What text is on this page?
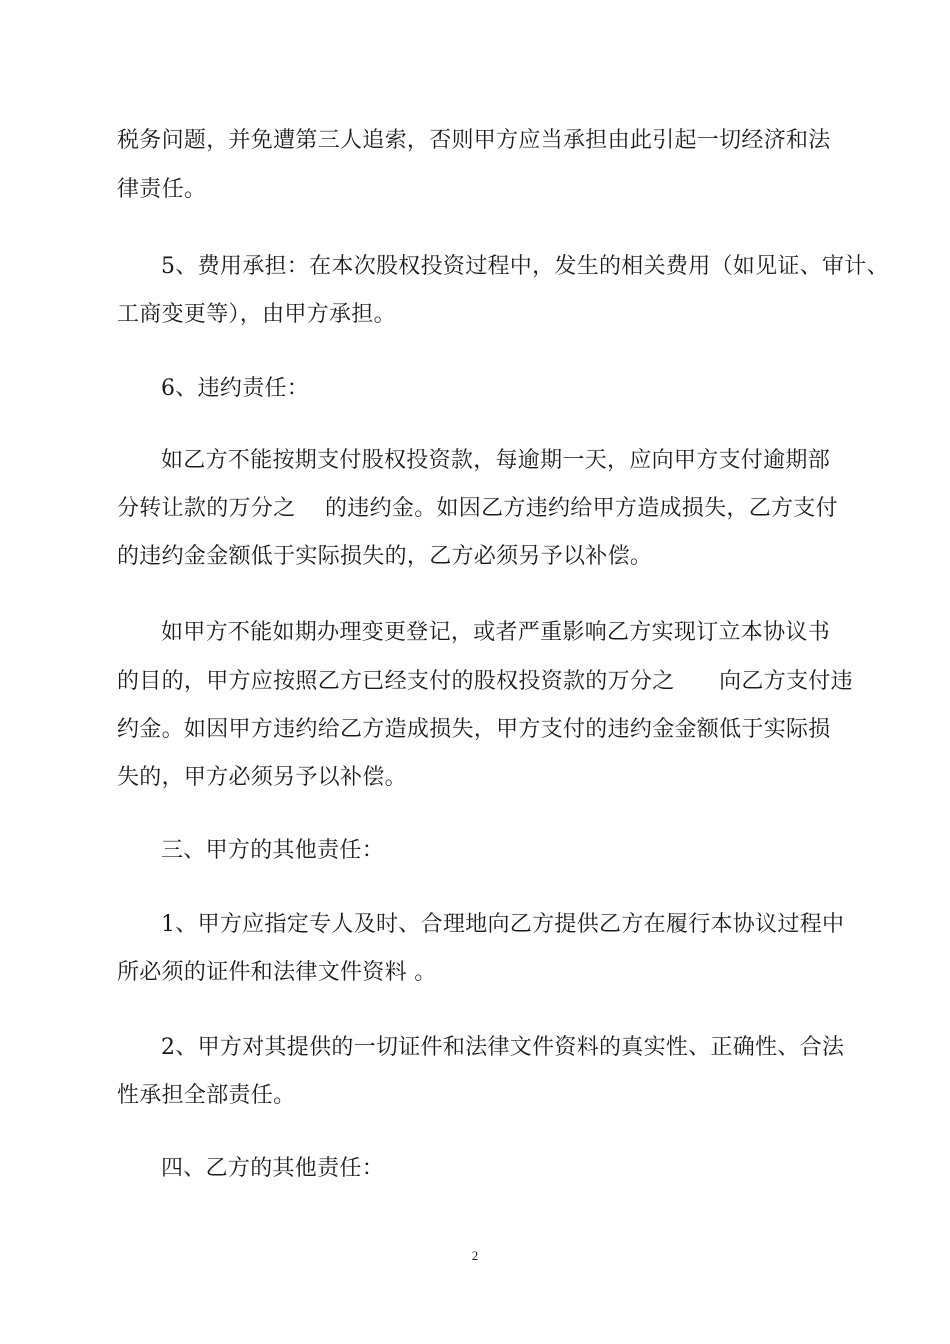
税务问题，并免遭第三人追索，否则甲方应当承担由此引起一切经济和法
律责任。
5、费用承担：在本次股权投资过程中，发生的相关费用（如见证、审计、
工商变更等），由甲方承担。
6、违约责任：
如乙方不能按期支付股权投资款，每逾期一天，应向甲方支付逾期部
分转让款的万分之　 的违约金。如因乙方违约给甲方造成损失，乙方支付
的违约金金额低于实际损失的，乙方必须另予以补偿。
如甲方不能如期办理变更登记，或者严重影响乙方实现订立本协议书
的目的，甲方应按照乙方已经支付的股权投资款的万分之　　向乙方支付违
约金。如因甲方违约给乙方造成损失，甲方支付的违约金金额低于实际损
失的，甲方必须另予以补偿。
三、甲方的其他责任：
1、甲方应指定专人及时、合理地向乙方提供乙方在履行本协议过程中
所必须的证件和法律文件资料 。
2、甲方对其提供的一切证件和法律文件资料的真实性、正确性、合法
性承担全部责任。
四、乙方的其他责任：
2
